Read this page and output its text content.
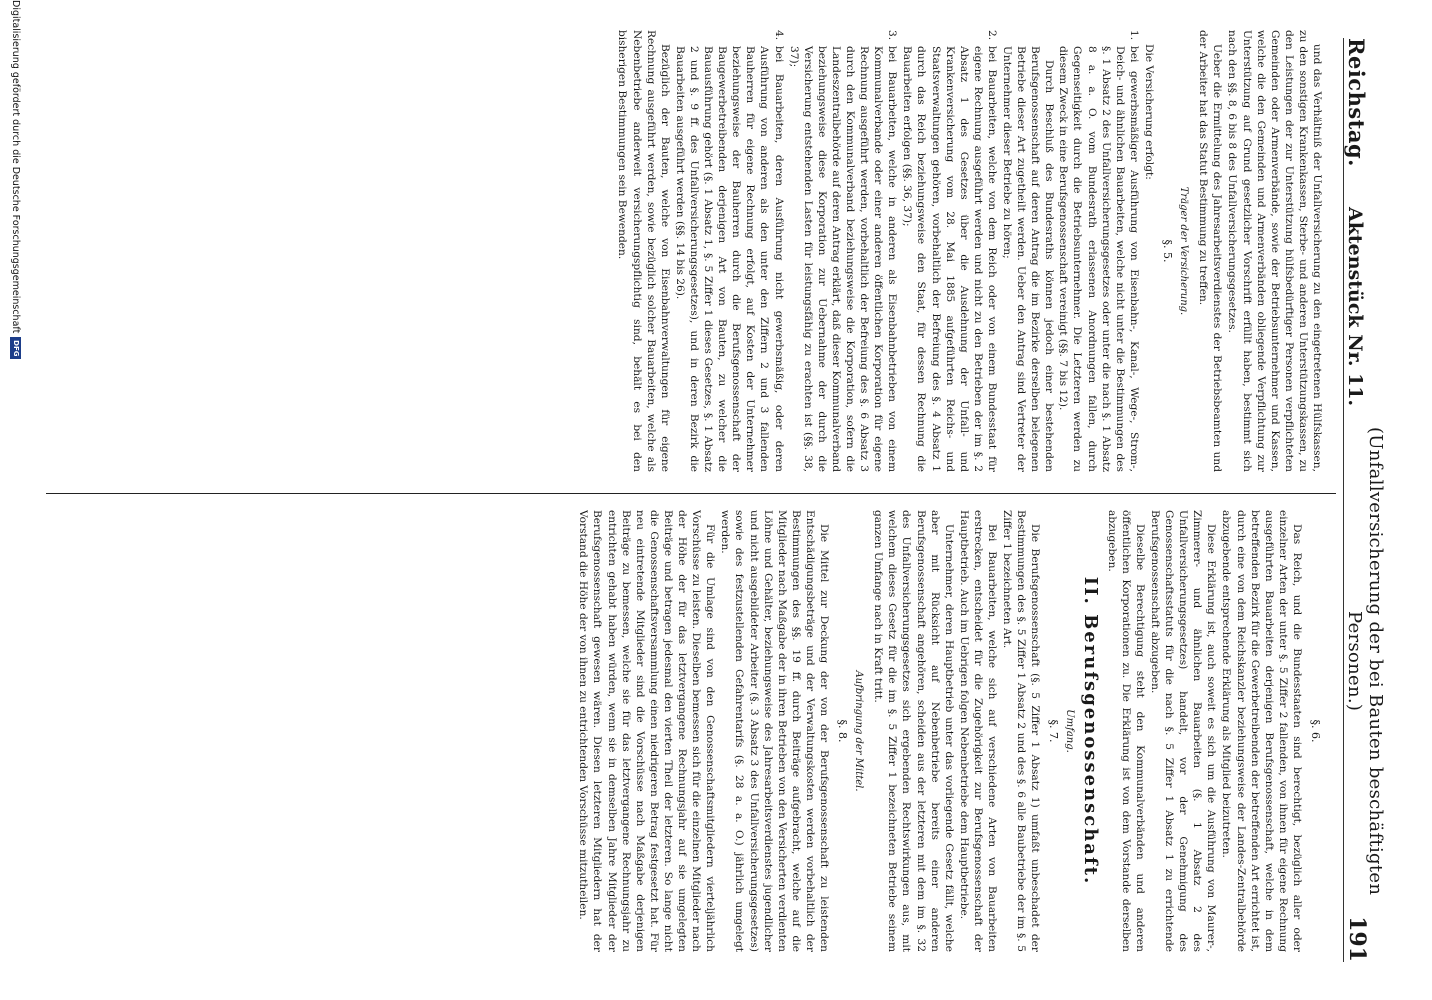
Reichstag.
Aktenstück Nr. 11.
(Unfallversicherung der bei Bauten beschäftigten Personen.)
191

und das Verhältniß der Unfallversicherung zu den eingetretenen Hülfskassen, zu den sonstigen Krankenkassen, Sterbe- und anderen Unterstützungskassen, zu den Leistungen der zur Unterstützung hülfsbedürftiger Personen verpflichteten Gemeinden oder Armenverbände, sowie der Betriebsunternehmer und Kassen, welche die den Gemeinden und Armenverbänden obliegende Verpflichtung zur Unterstützung auf Grund gesetzlicher Vorschrift erfüllt haben, bestimmt sich nach den §§. 8, 6 bis 8 des Unfallversicherungsgesetzes.

Ueber die Ermittelung des Jahresarbeitsverdienstes der Betriebsbeamten und der Arbeiter hat das Statut Bestimmung zu treffen.

Träger der Versicherung.
§. 5.

Die Versicherung erfolgt:

1.
bei gewerbsmäßiger Ausführung von Eisenbahn-, Kanal-, Wege-, Strom-, Deich- und ähnlichen Bauarbeiten, welche nicht unter die Bestimmungen des §. 1 Absatz 2 des Unfallversicherungsgesetzes oder unter die nach §. 1 Absatz 8 a. a. O. vom Bundesrath erlassenen Anordnungen fallen, durch Gegenseitigkeit durch die Betriebsunternehmer. Die Letzteren werden zu diesem Zweck in eine Berufsgenossenschaft vereinigt (§§. 7 bis 12).

Durch Beschluß des Bundesraths können jedoch einer bestehenden Berufsgenossenschaft auf deren Antrag die im Bezirke derselben belegenen Betriebe dieser Art zugetheilt werden. Ueber den Antrag sind Vertreter der Unternehmer dieser Betriebe zu hören;
2.
bei Bauarbeiten, welche von dem Reich oder von einem Bundesstaat für eigene Rechnung ausgeführt werden und nicht zu den Betrieben der im §. 2 Absatz 1 des Gesetzes über die Ausdehnung der Unfall- und Krankenversicherung vom 28. Mai 1885 aufgeführten Reichs- und Staatsverwaltungen gehören, vorbehaltlich der Befreiung des §. 4 Absatz 1 durch das Reich beziehungsweise den Staat, für dessen Rechnung die Bauarbeiten erfolgen (§§. 36, 37);
3.
bei Bauarbeiten, welche in anderen als Eisenbahnbetrieben von einem Kommunalverbande oder einer anderen öffentlichen Korporation für eigene Rechnung ausgeführt werden, vorbehaltlich der Befreiung des §. 6 Absatz 3 durch den Kommunalverband beziehungsweise die Korporation, sofern die Landeszentralbehörde auf deren Antrag erklärt, daß dieser Kommunalverband beziehungsweise diese Korporation zur Uebernahme der durch die Versicherung entstehenden Lasten für leistungsfähig zu erachten ist (§§. 38, 37);
4.
bei Bauarbeiten, deren Ausführung nicht gewerbsmäßig, oder deren Ausführung von anderen als den unter den Ziffern 2 und 3 fallenden Bauherren für eigene Rechnung erfolgt, auf Kosten der Unternehmer beziehungsweise der Bauherren durch die Berufsgenossenschaft der Baugewerbetreibenden derjenigen Art von Bauten, zu welcher die Bauausführung gehört (§. 1 Absatz 1, §. 5 Ziffer 1 dieses Gesetzes, §. 1 Absatz 2 und §. 9 ff. des Unfallversicherungsgesetzes), und in deren Bezirk die Bauarbeiten ausgeführt werden (§§. 14 bis 26).

Bezüglich der Bauten, welche von Eisenbahnverwaltungen für eigene Rechnung ausgeführt werden, sowie bezüglich solcher Bauarbeiten, welche als Nebenbetriebe anderweit versicherungspflichtig sind, behält es bei den bisherigen Bestimmungen sein Bewenden.

§. 6.

Das Reich, und die Bundesstaaten sind berechtigt, bezüglich aller oder einzelner Arten der unter §. 5 Ziffer 2 fallenden, von ihnen für eigene Rechnung ausgeführten Bauarbeiten derjenigen Berufsgenossenschaft, welche in dem betreffenden Bezirk für die Gewerbetreibenden der betreffenden Art errichtet ist, durch eine von dem Reichskanzler beziehungsweise der Landes-Zentralbehörde abzugebende entsprechende Erklärung als Mitglied beizutreten.

Diese Erklärung ist, auch soweit es sich um die Ausführung von Maurer-, Zimmerer- und ähnlichen Bauarbeiten (§. 1 Absatz 2 des Unfallversicherungsgesetzes) handelt, vor der Genehmigung des Genossenschaftsstatuts für die nach §. 5 Ziffer 1 Absatz 1 zu errichtende Berufsgenossenschaft abzugeben.

Dieselbe Berechtigung steht den Kommunalverbänden und anderen öffentlichen Korporationen zu. Die Erklärung ist von dem Vorstande derselben abzugeben.

II. Berufsgenossenschaft.
Umfang.
§. 7.

Die Berufsgenossenschaft (§. 5 Ziffer 1 Absatz 1) umfaßt unbeschadet der Bestimmungen des §. 5 Ziffer 1 Absatz 2 und des §. 6 alle Baubetriebe der im §. 5 Ziffer 1 bezeichneten Art.

Bei Bauarbeiten, welche sich auf verschiedene Arten von Bauarbeiten erstrecken, entscheidet für die Zugehörigkeit zur Berufsgenossenschaft der Hauptbetrieb. Auch im Uebrigen folgen Nebenbetriebe dem Hauptbetriebe.

Unternehmer, deren Hauptbetrieb unter das vorliegende Gesetz fällt, welche aber mit Rücksicht auf Nebenbetriebe bereits einer anderen Berufsgenossenschaft angehören, scheiden aus der letzteren mit dem im §. 32 des Unfallversicherungsgesetzes sich ergebenden Rechtswirkungen aus, mit welchem dieses Gesetz für die im §. 5 Ziffer 1 bezeichneten Betriebe seinem ganzen Umfange nach in Kraft tritt.

Aufbringung der Mittel.
§. 8.

Die Mittel zur Deckung der von der Berufsgenossenschaft zu leistenden Entschädigungsbeträge und der Verwaltungskosten werden vorbehaltlich der Bestimmungen des §§. 19 ff. durch Beiträge aufgebracht, welche auf die Mitglieder nach Maßgabe der in ihren Betrieben von den Versicherten verdienten Löhne und Gehälter, beziehungsweise des Jahresarbeitsverdienstes jugendlicher und nicht ausgebildeter Arbeiter (§. 3 Absatz 3 des Unfallversicherungsgesetzes) sowie des festzustellenden Gefahrentarifs (§. 28 a. a. O.) jährlich umgelegt werden.

Für die Umlage sind von den Genossenschaftsmitgliedern vierteljährlich Vorschüsse zu leisten. Dieselben bemessen sich für die einzelnen Mitglieder nach der Höhe der für das letztvergangene Rechnungsjahr auf sie umgelegten Beiträge und betragen jedesmal den vierten Theil der letzteren. So lange nicht die Genossenschaftsversammlung einen niedrigeren Betrag festgesetzt hat. Für neu eintretende Mitglieder sind die Vorschüsse nach Maßgabe derjenigen Beiträge zu bemessen, welche sie für das letztvergangene Rechnungsjahr zu entrichten gehabt haben würden, wenn sie in demselben Jahre Mitglieder der Berufsgenossenschaft gewesen wären. Diesen letzteren Mitgliedern hat der Vorstand die Höhe der von ihnen zu entrichtenden Vorschüsse mitzutheilen.

Digitalisierung gefördert durch die Deutsche Forschungsgemeinschaft
DFG
